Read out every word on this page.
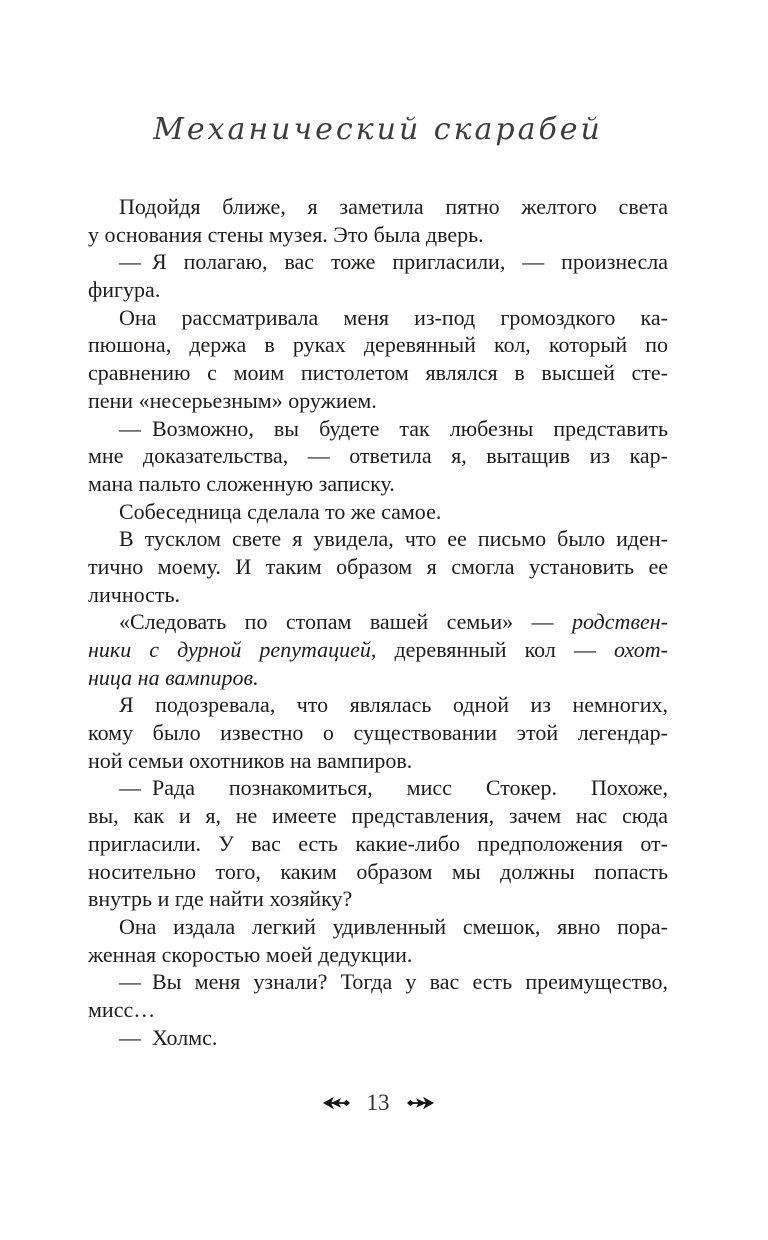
Механический скарабей
Подойдя ближе, я заметила пятно желтого света
у основания стены музея. Это была дверь.
— Я полагаю, вас тоже пригласили, — произнесла
фигура.
Она рассматривала меня из-под громоздкого ка-
пюшона, держа в руках деревянный кол, который по
сравнению с моим пистолетом являлся в высшей сте-
пени «несерьезным» оружием.
— Возможно, вы будете так любезны представить
мне доказательства, — ответила я, вытащив из кар-
мана пальто сложенную записку.
Собеседница сделала то же самое.
В тусклом свете я увидела, что ее письмо было иден-
тично моему. И таким образом я смогла установить ее
личность.
«Следовать по стопам вашей семьи» — родствен-
ники с дурной репутацией, деревянный кол — охот-
ница на вампиров.
Я подозревала, что являлась одной из немногих,
кому было известно о существовании этой легендар-
ной семьи охотников на вампиров.
— Рада познакомиться, мисс Стокер. Похоже,
вы, как и я, не имеете представления, зачем нас сюда
пригласили. У вас есть какие-либо предположения от-
носительно того, каким образом мы должны попасть
внутрь и где найти хозяйку?
Она издала легкий удивленный смешок, явно пора-
женная скоростью моей дедукции.
— Вы меня узнали? Тогда у вас есть преимущество,
мисс…
— Холмс.
13
